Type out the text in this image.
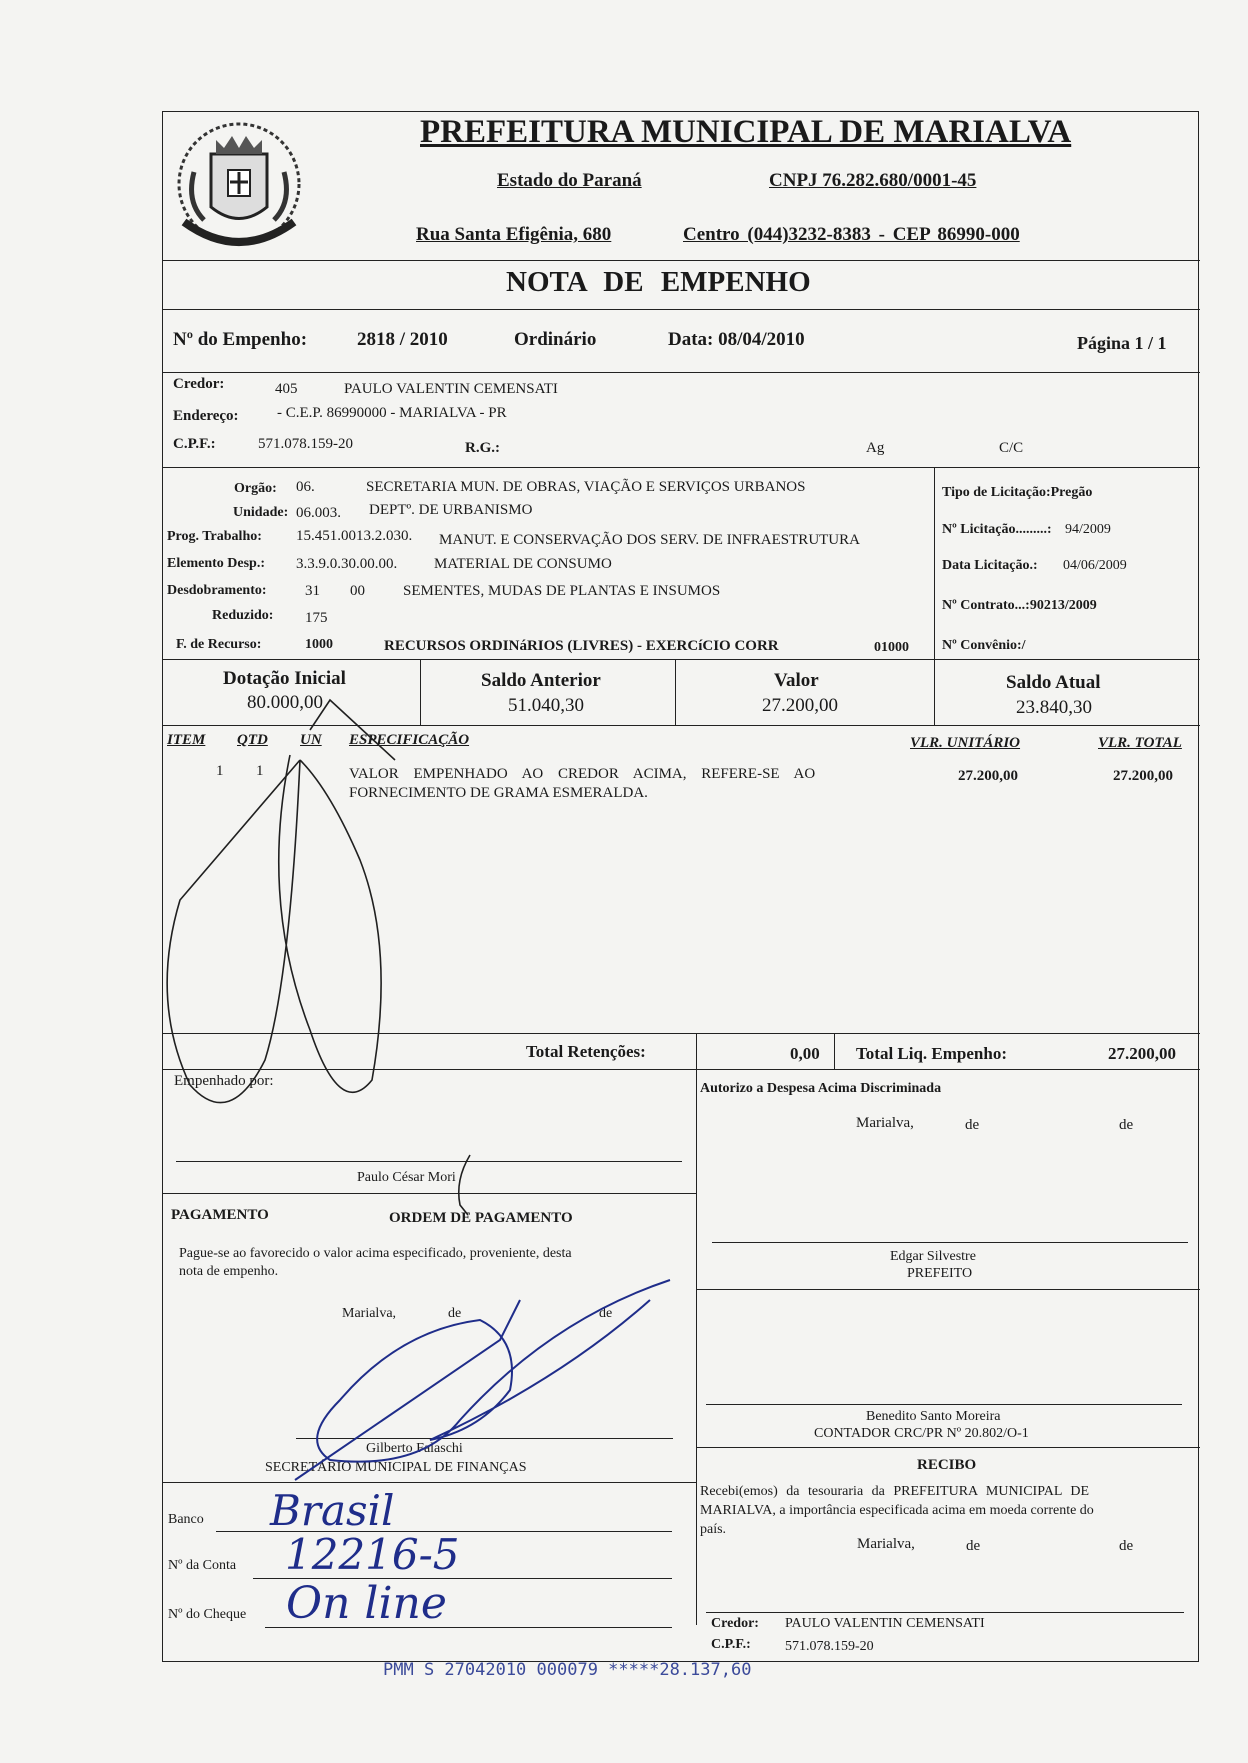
PREFEITURA MUNICIPAL DE MARIALVA
Estado do Paraná	CNPJ 76.282.680/0001-45
Rua Santa Efigênia, 680	Centro (044)3232-8383 - CEP 86990-000
NOTA DE EMPENHO
Nº do Empenho:	2818 / 2010	Ordinário	Data: 08/04/2010	Página 1 / 1
Credor:	405	PAULO VALENTIN CEMENSATI
Endereço:	- C.E.P. 86990000 - MARIALVA - PR
C.P.F.:	571.078.159-20	R.G.:	Ag	C/C
Orgão: 06.	SECRETARIA MUN. DE OBRAS, VIAÇÃO E SERVIÇOS URBANOS
Unidade: 06.003. DEPTº. DE URBANISMO
Prog. Trabalho: 15.451.0013.2.030. MANUT. E CONSERVAÇÃO DOS SERV. DE INFRAESTRUTURA
Elemento Desp.: 3.3.9.0.30.00.00. MATERIAL DE CONSUMO
Desdobramento:	31 00	SEMENTES, MUDAS DE PLANTAS E INSUMOS
Reduzido: 175
F. de Recurso:	1000	RECURSOS ORDINáRIOS (LIVRES) - EXERCíCIO CORR	01000
Tipo de Licitação:Pregão
Nº Licitação.........: 94/2009
Data Licitação.: 04/06/2009
Nº Contrato...:90213/2009
Nº Convênio:/
Dotação Inicial
80.000,00
Saldo Anterior
51.040,30
Valor
27.200,00
Saldo Atual
23.840,30
ITEM QTD UN ESPECIFICAÇÃO	VLR. UNITÁRIO	VLR. TOTAL
1 1	VALOR EMPENHADO AO CREDOR ACIMA, REFERE-SE AO
FORNECIMENTO DE GRAMA ESMERALDA.
27.200,00	27.200,00
Total Retenções:	0,00 Total Liq. Empenho:	27.200,00
Empenhado por:
Paulo César Mori
PAGAMENTO	ORDEM DE PAGAMENTO
Pague-se ao favorecido o valor acima especificado, proveniente, desta
nota de empenho.
Marialva,	de	de
Gilberto Falaschi
SECRETÁRIO MUNICIPAL DE FINANÇAS
Banco Brasil
Nº da Conta 12216-5
Nº do Cheque On line
Autorizo a Despesa Acima Discriminada
Marialva,	de	de
Edgar Silvestre
PREFEITO
Benedito Santo Moreira
CONTADOR CRC/PR Nº 20.802/O-1
RECIBO
Recebi(emos) da tesouraria da PREFEITURA MUNICIPAL DE
MARIALVA, a importância especificada acima em moeda corrente do
país.
Marialva,	de	de
Credor: PAULO VALENTIN CEMENSATI
C.P.F.: 571.078.159-20
PMM S 27042010 000079 *****28.137,60
